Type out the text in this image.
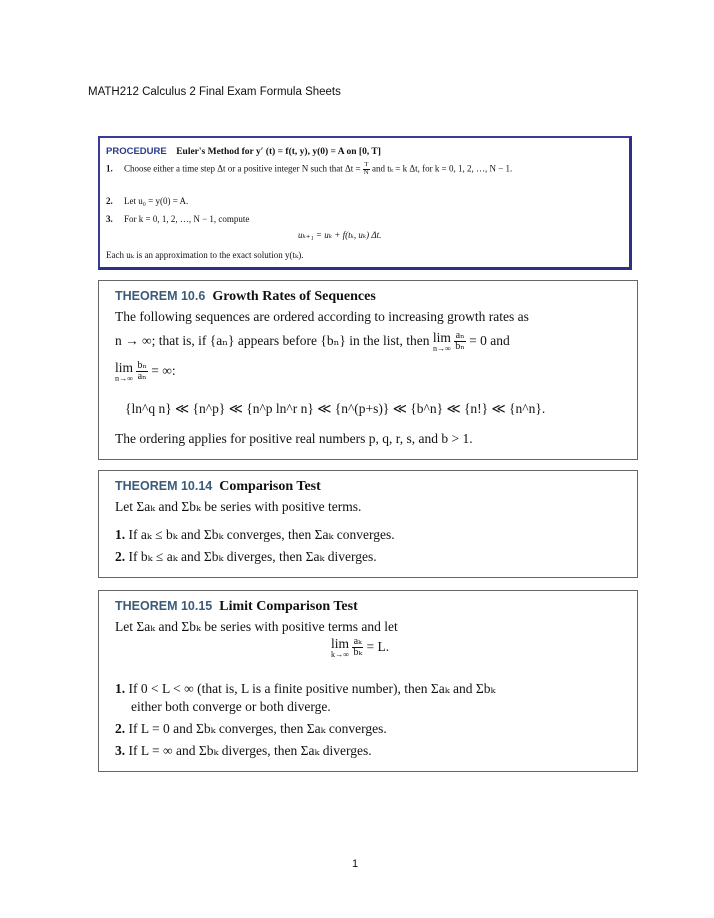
MATH212 Calculus 2 Final Exam Formula Sheets
PROCEDURE Euler's Method for y′ (t) = f(t, y), y(0) = A on [0, T]
1. Choose either a time step Δt or a positive integer N such that $\Delta t = \frac{T}{N}$ and tₖ = k Δt, for k = 0, 1, 2, …, N − 1.
2. Let u₀ = y(0) = A.
3. For k = 0, 1, 2, …, N − 1, compute
uₖ₊₁ = uₖ + f(tₖ, uₖ) Δt.
Each uₖ is an approximation to the exact solution y(tₖ).
THEOREM 10.6 Growth Rates of Sequences
The following sequences are ordered according to increasing growth rates as
n → ∞; that is, if {aₙ} appears before {bₙ} in the list, then lim
n→∞
$\frac{\text{aₙ}}{\text{bₙ}} = 0$ and
lim
n→∞
$\frac{\text{bₙ}}{\text{aₙ}}$ = ∞:
{ln^q n} ≪ {n^p} ≪ {n^p ln^r n} ≪ {n^(p+s)} ≪ {b^n} ≪ {n!} ≪ {n^n}.
The ordering applies for positive real numbers p, q, r, s, and b > 1.
THEOREM 10.14 Comparison Test
Let Σaₖ and Σbₖ be series with positive terms.
1. If aₖ ≤ bₖ and Σbₖ converges, then Σaₖ converges.
2. If bₖ ≤ aₖ and Σbₖ diverges, then Σaₖ diverges.
THEOREM 10.15 Limit Comparison Test
Let Σaₖ and Σbₖ be series with positive terms and let
lim
k→∞
$\frac{\text{aₖ}}{\text{bₖ}} = L$.
1. If 0 < L < ∞ (that is, L is a finite positive number), then Σaₖ and Σbₖ
either both converge or both diverge.
2. If L = 0 and Σbₖ converges, then Σaₖ converges.
3. If L = ∞ and Σbₖ diverges, then Σaₖ diverges.
1
